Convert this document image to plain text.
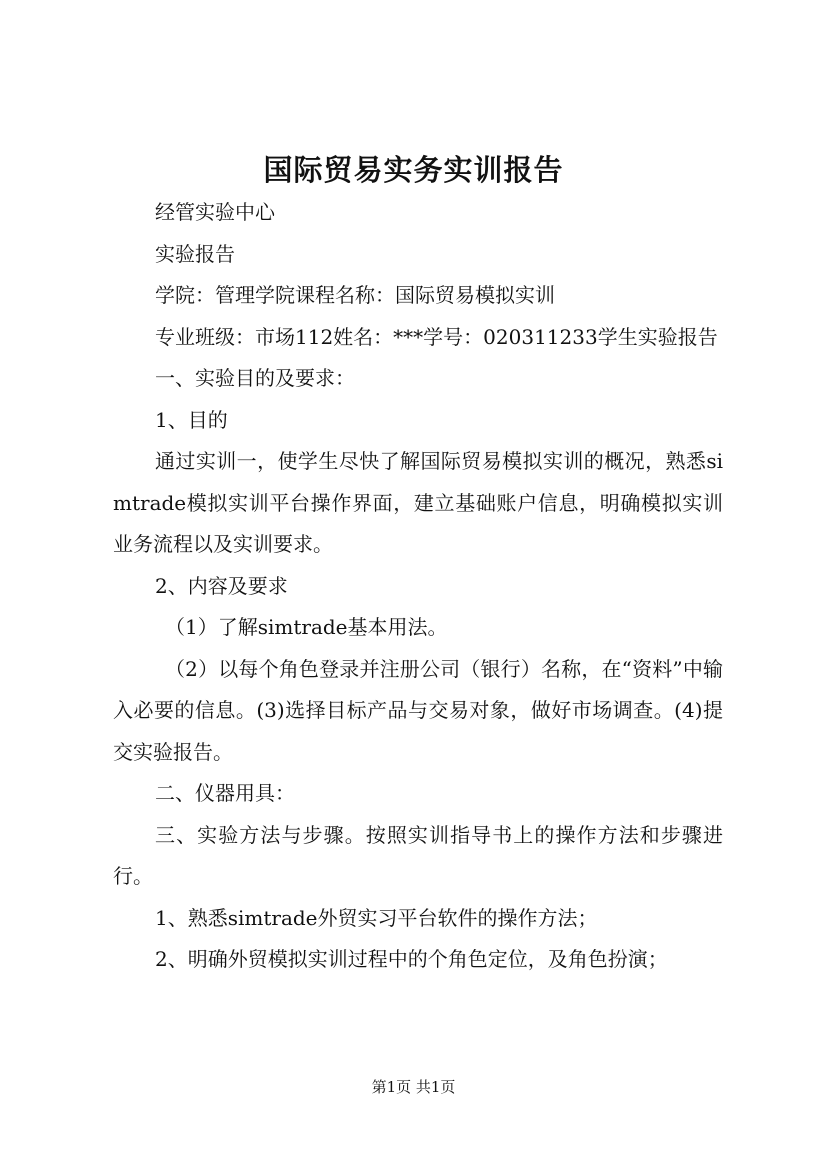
国际贸易实务实训报告

经管实验中心

实验报告

学院：管理学院课程名称：国际贸易模拟实训

专业班级：市场112姓名：***学号：020311233学生实验报告

一、实验目的及要求：

1、目的

通过实训一，使学生尽快了解国际贸易模拟实训的概况，熟悉simtrade模拟实训平台操作界面，建立基础账户信息，明确模拟实训业务流程以及实训要求。

2、内容及要求

（1）了解simtrade基本用法。

（2）以每个角色登录并注册公司（银行）名称，在“资料”中输入必要的信息。(3)选择目标产品与交易对象，做好市场调查。(4)提交实验报告。

二、仪器用具：

三、实验方法与步骤。按照实训指导书上的操作方法和步骤进行。

1、熟悉simtrade外贸实习平台软件的操作方法；

2、明确外贸模拟实训过程中的个角色定位，及角色扮演；

第1页 共1页
